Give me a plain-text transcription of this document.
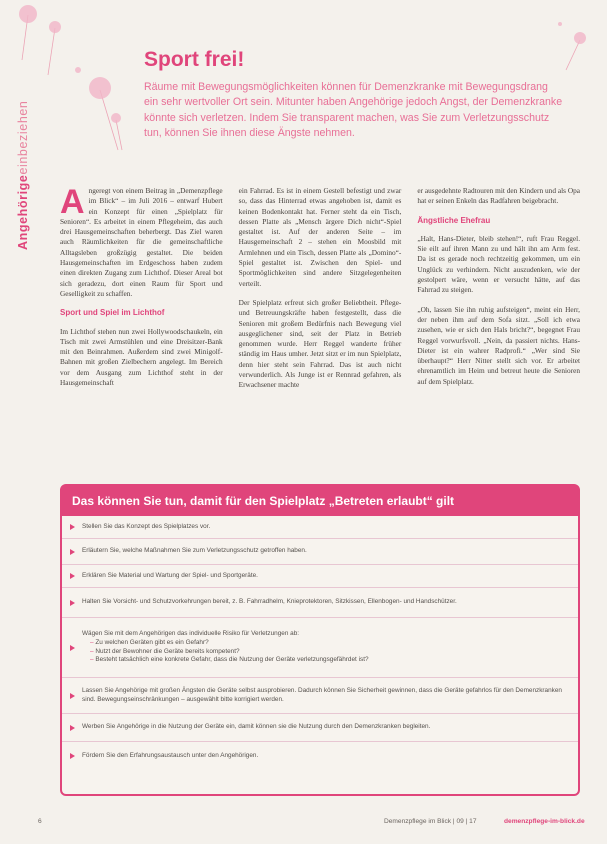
Angehörigeeinbeziehen
Sport frei!

Räume mit Bewegungsmöglichkeiten können für Demenzkranke mit Bewegungsdrang ein sehr wertvoller Ort sein. Mitunter haben Angehörige jedoch Angst, der Demenzkranke könnte sich verletzen. Indem Sie transparent machen, was Sie zum Verletzungsschutz tun, können Sie ihnen diese Ängste nehmen.

Angeregt von einem Beitrag in „Demenzpflege im Blick“ – im Juli 2016 – entwarf Hubert ein Konzept für einen „Spielplatz für Senioren“. Es arbeitet in einem Pflegeheim, das auch drei Hausgemeinschaften beherbergt. Das Ziel waren auch Räumlichkeiten für die gemeinschaftliche Alltagsleben großzügig gestaltet. Die beiden Hausgemeinschaften im Erdgeschoss haben zudem einen direkten Zugang zum Lichthof. Dieser Areal bot sich geradezu, dort einen Raum für Sport und Geselligkeit zu schaffen.

Sport und Spiel im Lichthof

Im Lichthof stehen nun zwei Hollywoodschaukeln, ein Tisch mit zwei Armstühlen und eine Dreisitzer-Bank mit den Beinrahmen. Außerdem sind zwei Minigolf-Bahnen mit großen Zielbechern angelegt. Im Bereich vor dem Ausgang zum Lichthof steht in der Hausgemeinschaft

ein Fahrrad. Es ist in einem Gestell befestigt und zwar so, dass das Hinterrad etwas angehoben ist, damit es keinen Bodenkontakt hat. Ferner steht da ein Tisch, dessen Platte als „Mensch ärgere Dich nicht“-Spiel gestaltet ist. Auf der anderen Seite – im Hausgemeinschaft 2 – stehen ein Moosbild mit Armlehnen und ein Tisch, dessen Platte als „Domino“-Spiel gestaltet ist. Zwischen den Spiel- und Sportmöglichkeiten sind andere Sitzgelegenheiten verteilt.

Der Spielplatz erfreut sich großer Beliebtheit. Pflege- und Betreuungskräfte haben festgestellt, dass die Senioren mit großem Bedürfnis nach Bewegung viel ausgeglichener sind, seit der Platz in Betrieb genommen wurde. Herr Reggel wanderte früher ständig im Haus umher. Jetzt sitzt er im nun Spielplatz, denn hier steht sein Fahrrad. Das ist auch nicht verwunderlich. Als Junge ist er Rennrad gefahren, als Erwachsener machte

er ausgedehnte Radtouren mit den Kindern und als Opa hat er seinen Enkeln das Radfahren beigebracht.

Ängstliche Ehefrau

„Halt, Hans-Dieter, bleib stehen!“, ruft Frau Reggel. Sie eilt auf ihren Mann zu und hält ihn am Arm fest. Da ist es gerade noch rechtzeitig gekommen, um ein Unglück zu verhindern. Nicht auszudenken, wie der gestolpert wäre, wenn er versucht hätte, auf das Fahrrad zu steigen.

„Oh, lassen Sie ihn ruhig aufsteigen“, meint ein Herr, der neben ihm auf dem Sofa sitzt. „Soll ich etwa zusehen, wie er sich den Hals bricht?“, begegnet Frau Reggel vorwurfsvoll. „Nein, da passiert nichts. Hans-Dieter ist ein wahrer Radprofi.“ „Wer sind Sie überhaupt?“ Herr Nitter stellt sich vor. Er arbeitet ehrenamtlich im Heim und betreut heute die Senioren auf dem Spielplatz.

Das können Sie tun, damit für den Spielplatz „Betreten erlaubt“ gilt
Stellen Sie das Konzept des Spielplatzes vor.
Erläutern Sie, welche Maßnahmen Sie zum Verletzungsschutz getroffen haben.
Erklären Sie Material und Wartung der Spiel- und Sportgeräte.
Halten Sie Vorsicht- und Schutzvorkehrungen bereit, z. B. Fahrradhelm, Knieprotektoren, Sitzkissen, Ellenbogen- und Handschützer.
Wägen Sie mit dem Angehörigen das individuelle Risiko für Verletzungen ab:
– Zu welchen Geräten gibt es ein Gefahr?
– Nutzt der Bewohner die Geräte bereits kompetent?
– Besteht tatsächlich eine konkrete Gefahr, dass die Nutzung der Geräte verletzungsgefährdet ist?
Lassen Sie Angehörige mit großen Ängsten die Geräte selbst ausprobieren. Dadurch können Sie Sicherheit gewinnen, dass die Geräte gefahrlos für den Demenzkranken sind. Bewegungseinschränkungen – ausgewählt bitte korrigiert werden.
Werben Sie Angehörige in die Nutzung der Geräte ein, damit können sie die Nutzung durch den Demenzkranken begleiten.
Fördern Sie den Erfahrungsaustausch unter den Angehörigen.
6	Demenzpflege im Blick | 09 | 17	demenzpflege-im-blick.de
